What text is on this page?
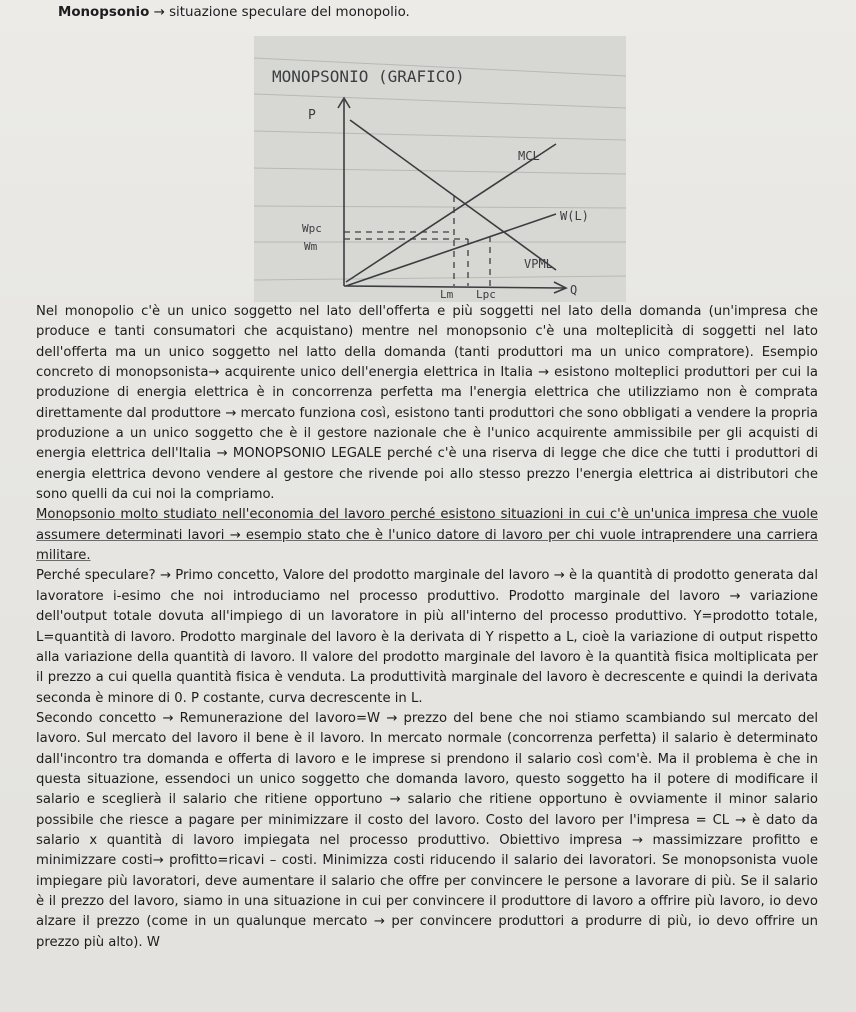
Monopsonio → situazione speculare del monopolio.
MONOPSONIO (GRAFICO)
P
MCL
W(L)
Wpc
Wm
VPML
Lm Lpc	Q

Nel monopolio c'è un unico soggetto nel lato dell'offerta e più soggetti nel lato della domanda (un'impresa che produce e tanti consumatori che acquistano) mentre nel monopsonio c'è una molteplicità di soggetti nel lato dell'offerta ma un unico soggetto nel latto della domanda (tanti produttori ma un unico compratore). Esempio concreto di monopsonista→ acquirente unico dell'energia elettrica in Italia → esistono molteplici produttori per cui la produzione di energia elettrica è in concorrenza perfetta ma l'energia elettrica che utilizziamo non è comprata direttamente dal produttore → mercato funziona così, esistono tanti produttori che sono obbligati a vendere la propria produzione a un unico soggetto che è il gestore nazionale che è l'unico acquirente ammissibile per gli acquisti di energia elettrica dell'Italia → MONOPSONIO LEGALE perché c'è una riserva di legge che dice che tutti i produttori di energia elettrica devono vendere al gestore che rivende poi allo stesso prezzo l'energia elettrica ai distributori che sono quelli da cui noi la compriamo.

Monopsonio molto studiato nell'economia del lavoro perché esistono situazioni in cui c'è un'unica impresa che vuole assumere determinati lavori → esempio stato che è l'unico datore di lavoro per chi vuole intraprendere una carriera militare.

Perché speculare? → Primo concetto, Valore del prodotto marginale del lavoro → è la quantità di prodotto generata dal lavoratore i-esimo che noi introduciamo nel processo produttivo. Prodotto marginale del lavoro → variazione dell'output totale dovuta all'impiego di un lavoratore in più all'interno del processo produttivo. Y=prodotto totale, L=quantità di lavoro. Prodotto marginale del lavoro è la derivata di Y rispetto a L, cioè la variazione di output rispetto alla variazione della quantità di lavoro. Il valore del prodotto marginale del lavoro è la quantità fisica moltiplicata per il prezzo a cui quella quantità fisica è venduta. La produttività marginale del lavoro è decrescente e quindi la derivata seconda è minore di 0. P costante, curva decrescente in L.

Secondo concetto → Remunerazione del lavoro=W → prezzo del bene che noi stiamo scambiando sul mercato del lavoro. Sul mercato del lavoro il bene è il lavoro. In mercato normale (concorrenza perfetta) il salario è determinato dall'incontro tra domanda e offerta di lavoro e le imprese si prendono il salario così com'è. Ma il problema è che in questa situazione, essendoci un unico soggetto che domanda lavoro, questo soggetto ha il potere di modificare il salario e sceglierà il salario che ritiene opportuno → salario che ritiene opportuno è ovviamente il minor salario possibile che riesce a pagare per minimizzare il costo del lavoro. Costo del lavoro per l'impresa = CL → è dato da salario x quantità di lavoro impiegata nel processo produttivo. Obiettivo impresa → massimizzare profitto e minimizzare costi→ profitto=ricavi – costi. Minimizza costi riducendo il salario dei lavoratori. Se monopsonista vuole impiegare più lavoratori, deve aumentare il salario che offre per convincere le persone a lavorare di più. Se il salario è il prezzo del lavoro, siamo in una situazione in cui per convincere il produttore di lavoro a offrire più lavoro, io devo alzare il prezzo (come in un qualunque mercato → per convincere produttori a produrre di più, io devo offrire un prezzo più alto). W
